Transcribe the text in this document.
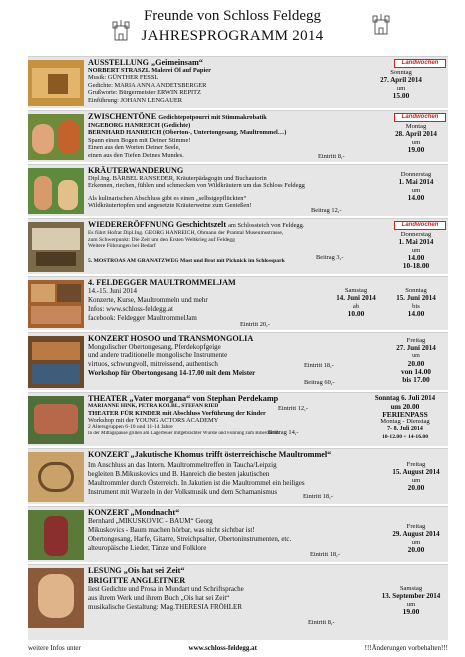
Freunde von Schloss Feldegg
JAHRESPROGRAMM 2014
AUSSTELLUNG „Geimeinsam“
NORBERT STRASZL Malerei Öl auf Papier
Musik: GÜNTHER FESSL
Gedichte: MARIA ANNA ANDETSBERGER
Grußworte: Bürgermeister ERWIN REPITZ
Einführung: JOHANN LENGAUER
Landwochen
Sonntag
27. April 2014
um
15.00
ZWISCHENTÖNE Gedichtepotpourri mit Stimmakrobatik
INGEBORG HANREICH (Gedichte)
BERNHARD HANREICH (Oberton-, Untertongesang, Maultrommel…)
Spann einen Bogen mit Deiner Stimme!
Einen aus den Worten Deiner Seele,
einen aus den Tiefen Deines Mundes.	Eintritt 8,-
Landwochen
Montag
28. April 2014
um
19.00
KRÄUTERWANDERUNG
Dipl.Ing. BÄRBEL RANSEDER, Kräuterpädagogin und Buchautorin
Erkennen, riechen, fühlen und schmecken von Wildkräutern um das Schloss Feldegg
Als kulinarischen Abschluss gibt es einen „selbstgepflückten“
Wildkräutertopfen und angesetzte Kräuterweine zum Genießen!
Beitrag 12,-
Donnerstag
1. Mai 2014
um
14.00
WIEDERERÖFFNUNG Geschichtszelt am Schlossteich von Feldegg.
Es führt Hofrat Dipl.Ing. GEORG HANREICH, Obmann der Pramtal Museumsstrasse,
zum Schwerpunkt: Die Zeit um den Ersten Weltkrieg auf Feldegg
Weitere Führungen bei Bedarf
5. MOSTROAS AM GRANATZWEG Most und Brot mit Picknick im Schlosspark	Beitrag 3,-
Landwochen
Donnerstag
1. Mai 2014
um
14.00
10-18.00
4. FELDEGGER MAULTROMMELJAM
14.-15. Juni 2014
Konzerte, Kurse, Maultrommeln und mehr
Infos: www.schloss-feldegg.at
facebook: Feldegger MaultrommelJam
Eintritt 20,-
Samstag
14. Juni 2014
ab
10.00
Sonntag
15. Juni 2014
bis
14.00
KONZERT HOSOO und TRANSMONGOLIA
Mongolischer Obertongesang, Pferdekopfgeige
und andere traditionelle mongolische Instrumente
virtuos, schwungvoll, mitreissend, authentisch
Workshop für Obertongesang 14-17.00 mit dem Meister
Eintritt 18,-
Beitrag 60,-
Freitag
27. Juni 2014
um
20.00
von 14.00
bis 17.00
THEATER „Vater morgana“ von Stephan Perdekamp
MARIANNE HINK, PETRA KÖLBL, STEFAN RIED
THEATER FÜR KINDER mit Abschluss Vorführung der Kinder
Workshop mit der YOUNG ACTORS ACADEMY
2 Altersgruppen 6-10 und 11-14 Jahre
In der Mittagspause grillen am Lagerfeuer mitgebrachter Würste und Führung zum Biberdamm
Eintritt 12,-
Beitrag 14,-
Sonntag 6. Juli 2014
um 20.00
FERIENPASS
Montag - Dienstag
7- 8. Juli 2014
10-12.00 + 14-16.00
KONZERT „Jakutische Khomus trifft österreichische Maultrommel“
Im Anschluss an das Intern. Maultrommeltreffen in Taucha/Leipzig
begleiten B.Mikuskovics und B. Hanreich die besten jakutischen
Maultrommler durch Österreich. In Jakutien ist die Maultrommel ein heiliges
Instrument mit Wurzeln in der Volksmusik und dem Schamanismus
Eintritt 18,-
Freitag
15. August 2014
um
20.00
KONZERT „Mondnacht“
Bernhard „MIKUSKOVIC - BAUM“ Georg
Mikuskovics - Baum machen hörbar, was nicht sichtbar ist!
Obertongesang, Harfe, Gitarre, Streichpsalter, Obertoninstrumenten, etc.
alteuropäische Lieder, Tänze und Folklore
Eintritt 18,-
Freitag
29. August 2014
um
20.00
LESUNG „Ois hat sei Zeit“
BRIGITTE ANGLEITNER
liest Gedichte und Prosa in Mundart und Schriftsprache
aus ihrem Werk und ihrem Buch „Ois hat sei Zeit“
musikalische Gestaltung: Mag.THERESIA FRÖHLER
Eintritt 8,-
Samstag
13. September 2014
um
19.00
weitere Infos unter	www.schloss-feldegg.at	!!!Änderungen vorbehalten!!!
